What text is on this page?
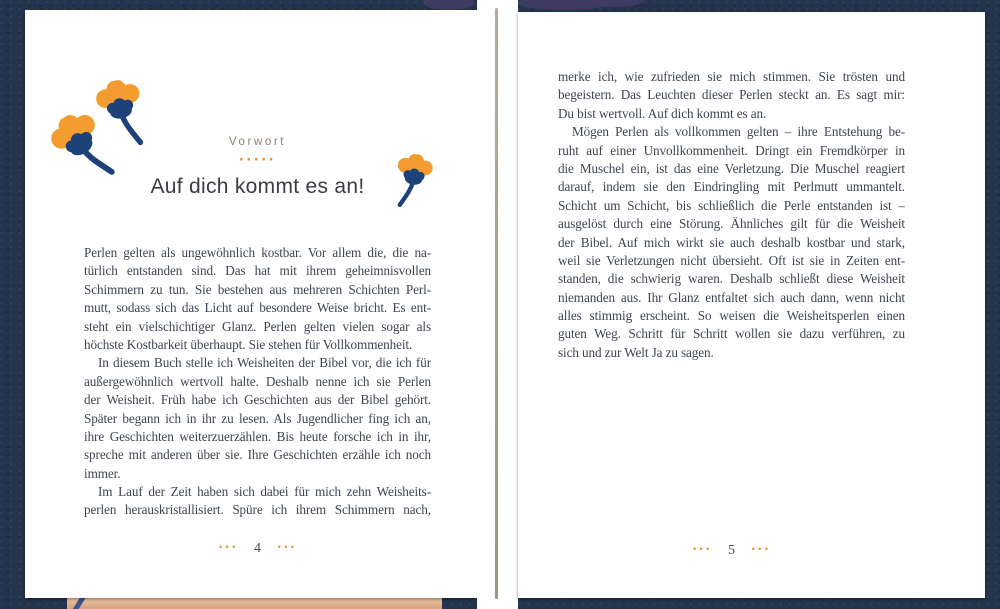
Vorwort
·····
Auf dich kommt es an!
Perlen gelten als ungewöhnlich kostbar. Vor allem die, die na-
türlich entstanden sind. Das hat mit ihrem geheimnisvollen
Schimmern zu tun. Sie bestehen aus mehreren Schichten Perl-
mutt, sodass sich das Licht auf besondere Weise bricht. Es ent-
steht ein vielschichtiger Glanz. Perlen gelten vielen sogar als
höchste Kostbarkeit überhaupt. Sie stehen für Vollkommenheit.
In diesem Buch stelle ich Weisheiten der Bibel vor, die ich für
außergewöhnlich wertvoll halte. Deshalb nenne ich sie Perlen
der Weisheit. Früh habe ich Geschichten aus der Bibel gehört.
Später begann ich in ihr zu lesen. Als Jugendlicher fing ich an,
ihre Geschichten weiterzuerzählen. Bis heute forsche ich in ihr,
spreche mit anderen über sie. Ihre Geschichten erzähle ich noch
immer.
Im Lauf der Zeit haben sich dabei für mich zehn Weisheits-
perlen herauskristallisiert. Spüre ich ihrem Schimmern nach,
··· 4 ···
merke ich, wie zufrieden sie mich stimmen. Sie trösten und
begeistern. Das Leuchten dieser Perlen steckt an. Es sagt mir:
Du bist wertvoll. Auf dich kommt es an.
Mögen Perlen als vollkommen gelten – ihre Entstehung be-
ruht auf einer Unvollkommenheit. Dringt ein Fremdkörper in
die Muschel ein, ist das eine Verletzung. Die Muschel reagiert
darauf, indem sie den Eindringling mit Perlmutt ummantelt.
Schicht um Schicht, bis schließlich die Perle entstanden ist –
ausgelöst durch eine Störung. Ähnliches gilt für die Weisheit
der Bibel. Auf mich wirkt sie auch deshalb kostbar und stark,
weil sie Verletzungen nicht übersieht. Oft ist sie in Zeiten ent-
standen, die schwierig waren. Deshalb schließt diese Weisheit
niemanden aus. Ihr Glanz entfaltet sich auch dann, wenn nicht
alles stimmig erscheint. So weisen die Weisheitsperlen einen
guten Weg. Schritt für Schritt wollen sie dazu verführen, zu
sich und zur Welt Ja zu sagen.
··· 5 ···
